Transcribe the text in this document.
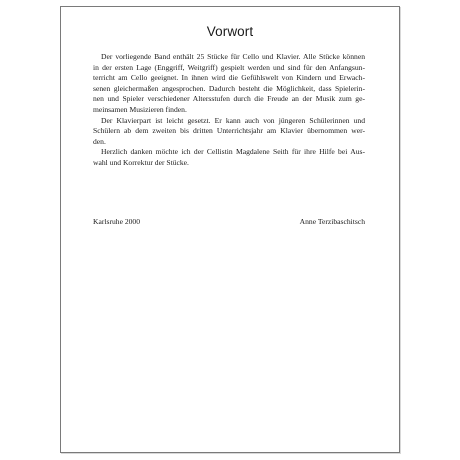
Vorwort

Der vorliegende Band enthält 25 Stücke für Cello und Klavier. Alle Stücke können
in der ersten Lage (Enggriff, Weitgriff) gespielt werden und sind für den Anfangsun-
terricht am Cello geeignet. In ihnen wird die Gefühlswelt von Kindern und Erwach-
senen gleichermaßen angesprochen. Dadurch besteht die Möglichkeit, dass Spielerin-
nen und Spieler verschiedener Altersstufen durch die Freude an der Musik zum ge-
meinsamen Musizieren finden.

Der Klavierpart ist leicht gesetzt. Er kann auch von jüngeren Schülerinnen und
Schülern ab dem zweiten bis dritten Unterrichtsjahr am Klavier übernommen wer-
den.

Herzlich danken möchte ich der Cellistin Magdalene Seith für ihre Hilfe bei Aus-
wahl und Korrektur der Stücke.

Karlsruhe 2000	Anne Terzibaschitsch
